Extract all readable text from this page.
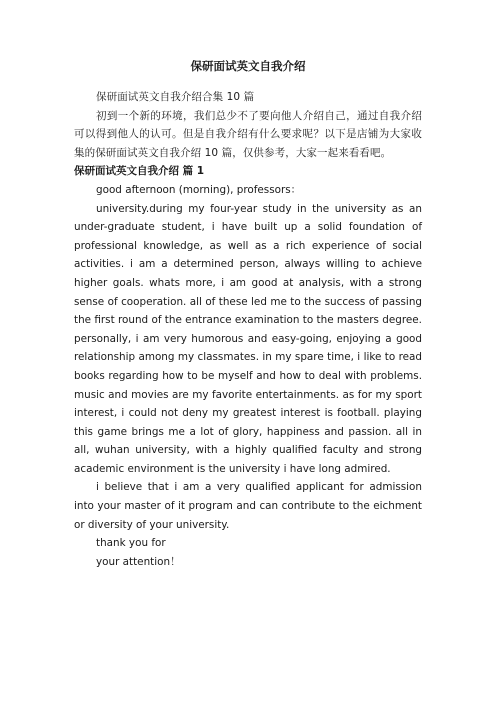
保研面试英文自我介绍

保研面试英文自我介绍合集 10 篇

初到一个新的环境，我们总少不了要向他人介绍自己，通过自我介绍可以得到他人的认可。但是自我介绍有什么要求呢？以下是店铺为大家收集的保研面试英文自我介绍 10 篇，仅供参考，大家一起来看看吧。

保研面试英文自我介绍 篇 1

good afternoon (morning), professors：

university.during my four-year study in the university as an under-graduate student, i have built up a solid foundation of professional knowledge, as well as a rich experience of social activities. i am a determined person, always willing to achieve higher goals. whats more, i am good at analysis, with a strong sense of cooperation. all of these led me to the success of passing the first round of the entrance examination to the masters degree. personally, i am very humorous and easy-going, enjoying a good relationship among my classmates. in my spare time, i like to read books regarding how to be myself and how to deal with problems. music and movies are my favorite entertainments. as for my sport interest, i could not deny my greatest interest is football. playing this game brings me a lot of glory, happiness and passion. all in all, wuhan university, with a highly qualified faculty and strong academic environment is the university i have long admired.

i believe that i am a very qualified applicant for admission into your master of it program and can contribute to the eichment or diversity of your university.

thank you for

your attention！
